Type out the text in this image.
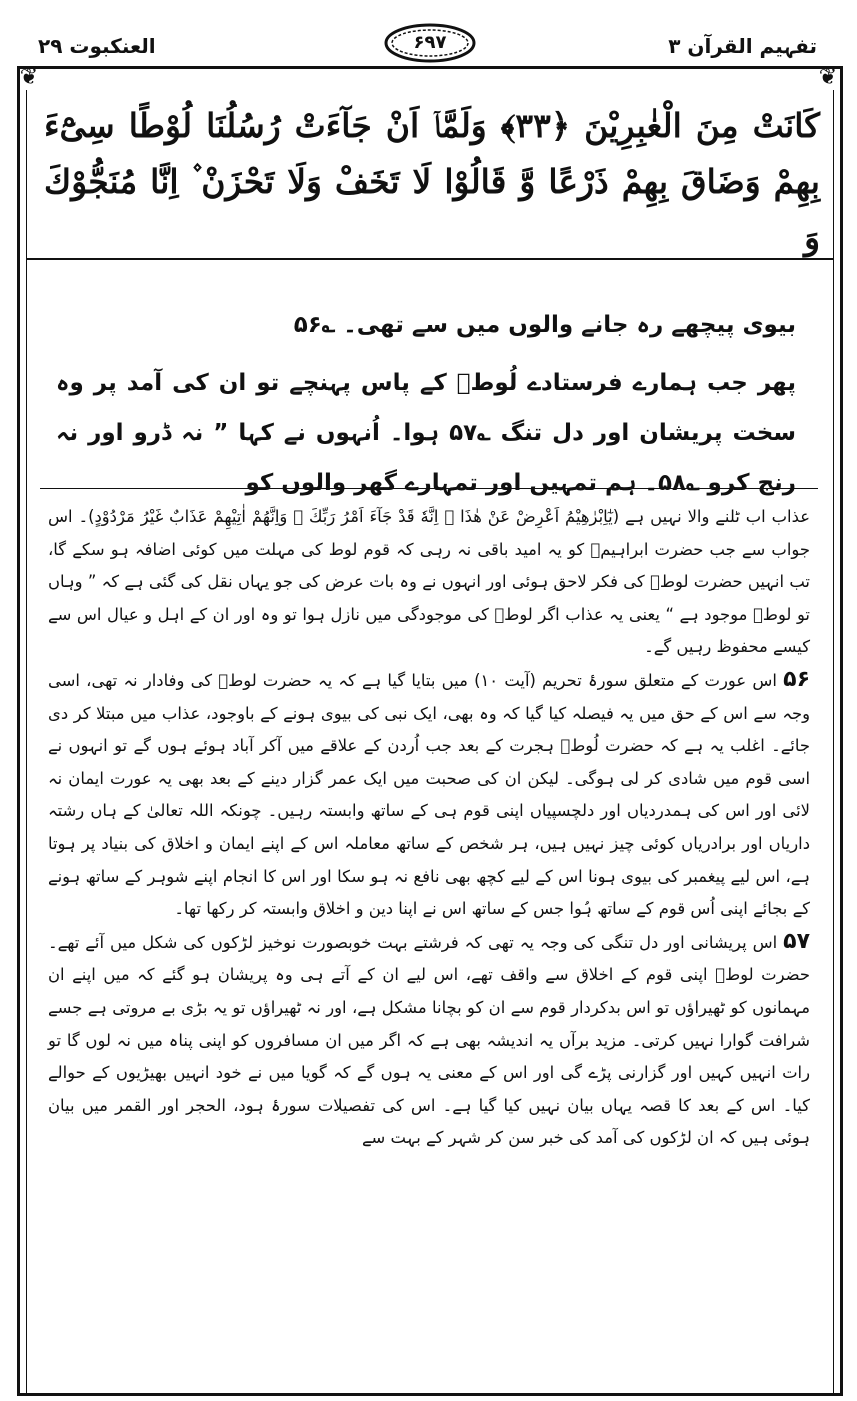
العنکبوت ۲۹	۶۹۷	تفہیم القرآن ۳
❦	❦
كَانَتْ مِنَ الْغٰبِرِيْنَ ﴿٣٣﴾ وَلَمَّاۤ اَنْ جَآءَتْ رُسُلُنَا لُوْطًا سِیْٓءَ بِهِمْ وَضَاقَ بِهِمْ ذَرْعًا وَّ قَالُوْا لَا تَخَفْ وَلَا تَحْزَنْ ۫ اِنَّا مُنَجُّوْكَ وَ

بیوی پیچھے رہ جانے والوں میں سے تھی۔ ؎۵۶

پھر جب ہمارے فرستادے لُوطؑ کے پاس پہنچے تو ان کی آمد پر وہ سخت پریشان اور دل تنگ ؎۵۷ ہوا۔ اُنہوں نے کہا ” نہ ڈرو اور نہ رنج کرو ؎۵۸۔ ہم تمہیں اور تمہارے گھر والوں کو

عذاب اب ٹلنے والا نہیں ہے (يٰٓاِبْرٰهِيْمُ اَعْرِضْ عَنْ هٰذَا ۚ اِنَّهٗ قَدْ جَآءَ اَمْرُ رَبِّكَ ۚ وَاِنَّهُمْ اٰتِيْهِمْ عَذَابٌ غَيْرُ مَرْدُوْدٍ)۔ اس جواب سے جب حضرت ابراہیمؑ کو یہ امید باقی نہ رہی کہ قوم لوط کی مہلت میں کوئی اضافہ ہو سکے گا، تب انہیں حضرت لوطؑ کی فکر لاحق ہوئی اور انہوں نے وہ بات عرض کی جو یہاں نقل کی گئی ہے کہ ” وہاں تو لوطؑ موجود ہے “ یعنی یہ عذاب اگر لوطؑ کی موجودگی میں نازل ہوا تو وہ اور ان کے اہل و عیال اس سے کیسے محفوظ رہیں گے۔

۵۶ اس عورت کے متعلق سورۂ تحریم (آیت ۱۰) میں بتایا گیا ہے کہ یہ حضرت لوطؑ کی وفادار نہ تھی، اسی وجہ سے اس کے حق میں یہ فیصلہ کیا گیا کہ وہ بھی، ایک نبی کی بیوی ہونے کے باوجود، عذاب میں مبتلا کر دی جائے۔ اغلب یہ ہے کہ حضرت لُوطؑ ہجرت کے بعد جب اُردن کے علاقے میں آکر آباد ہوئے ہوں گے تو انہوں نے اسی قوم میں شادی کر لی ہوگی۔ لیکن ان کی صحبت میں ایک عمر گزار دینے کے بعد بھی یہ عورت ایمان نہ لائی اور اس کی ہمدردیاں اور دلچسپیاں اپنی قوم ہی کے ساتھ وابستہ رہیں۔ چونکہ اللہ تعالیٰ کے ہاں رشتہ داریاں اور برادریاں کوئی چیز نہیں ہیں، ہر شخص کے ساتھ معاملہ اس کے اپنے ایمان و اخلاق کی بنیاد پر ہوتا ہے، اس لیے پیغمبر کی بیوی ہونا اس کے لیے کچھ بھی نافع نہ ہو سکا اور اس کا انجام اپنے شوہر کے ساتھ ہونے کے بجائے اپنی اُس قوم کے ساتھ ہُوا جس کے ساتھ اس نے اپنا دین و اخلاق وابستہ کر رکھا تھا۔

۵۷ اس پریشانی اور دل تنگی کی وجہ یہ تھی کہ فرشتے بہت خوبصورت نوخیز لڑکوں کی شکل میں آئے تھے۔ حضرت لوطؑ اپنی قوم کے اخلاق سے واقف تھے، اس لیے ان کے آتے ہی وہ پریشان ہو گئے کہ میں اپنے ان مہمانوں کو ٹھیراؤں تو اس بدکردار قوم سے ان کو بچانا مشکل ہے، اور نہ ٹھیراؤں تو یہ بڑی بے مروتی ہے جسے شرافت گوارا نہیں کرتی۔ مزید برآں یہ اندیشہ بھی ہے کہ اگر میں ان مسافروں کو اپنی پناہ میں نہ لوں گا تو رات انہیں کہیں اور گزارنی پڑے گی اور اس کے معنی یہ ہوں گے کہ گویا میں نے خود انہیں بھیڑیوں کے حوالے کیا۔ اس کے بعد کا قصہ یہاں بیان نہیں کیا گیا ہے۔ اس کی تفصیلات سورۂ ہود، الحجر اور القمر میں بیان ہوئی ہیں کہ ان لڑکوں کی آمد کی خبر سن کر شہر کے بہت سے
